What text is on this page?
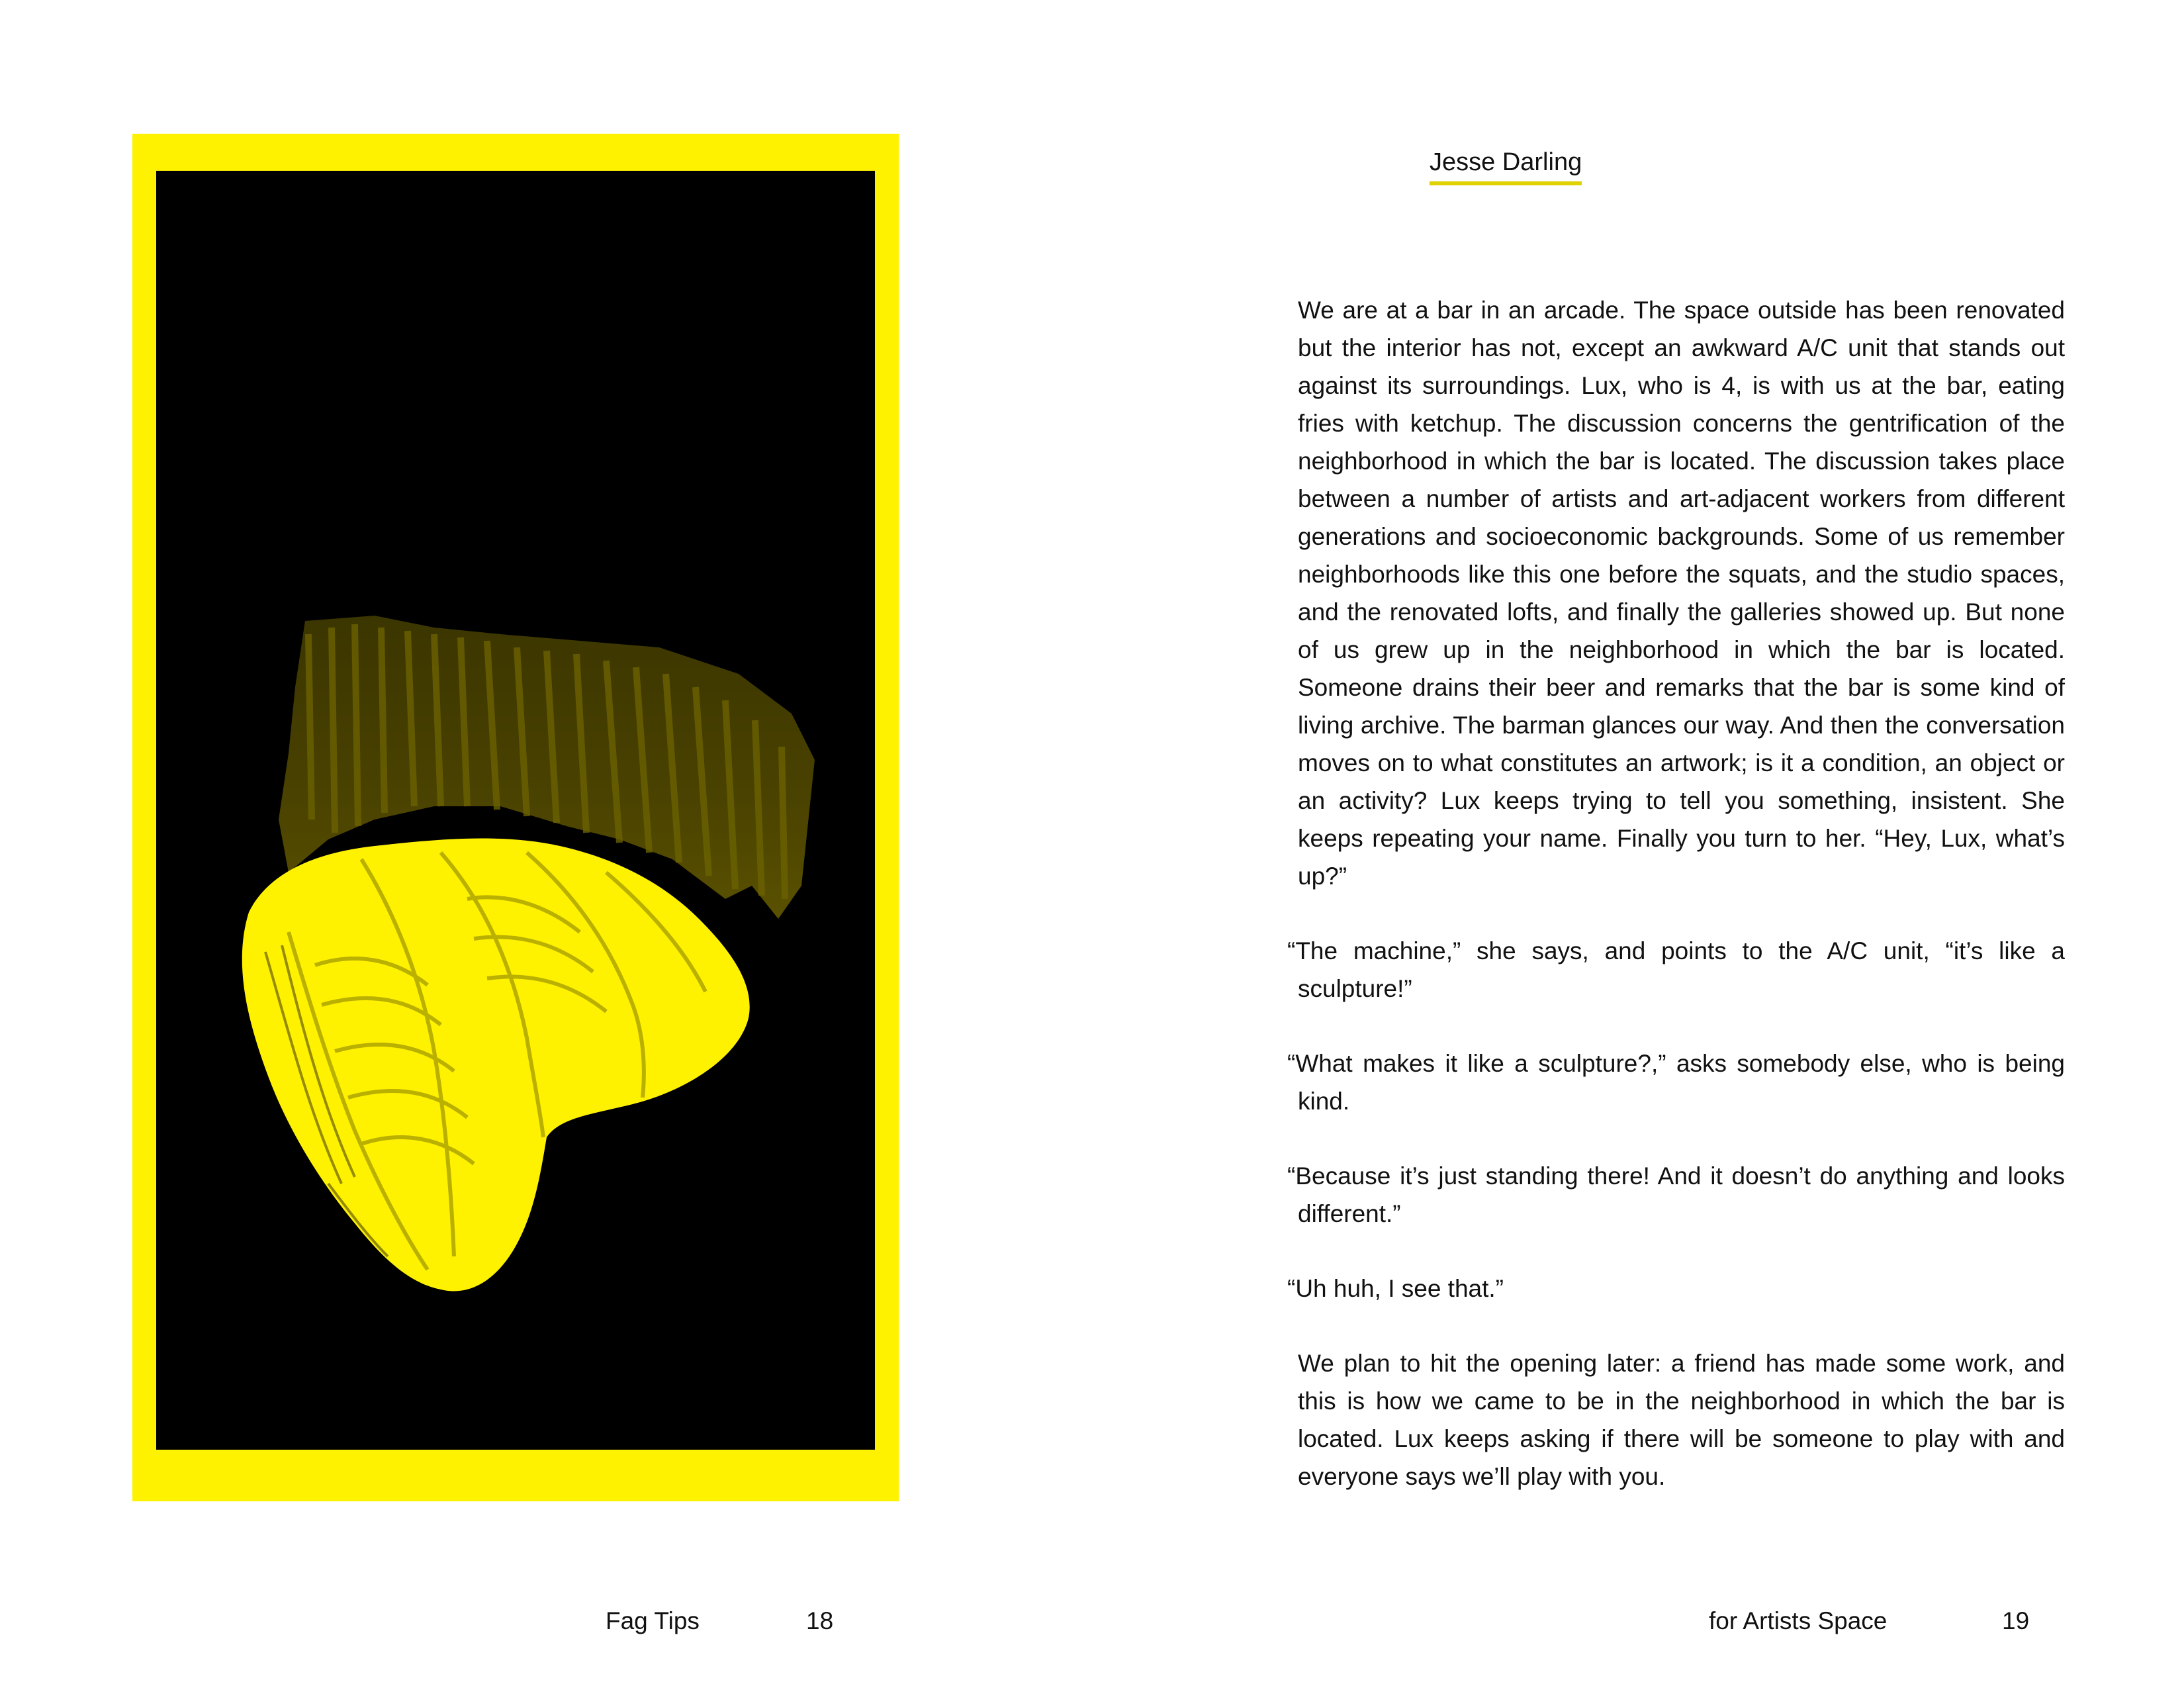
Fag Tips	18
Jesse Darling

We are at a bar in an arcade. The space outside has been renovated but the interior has not, except an awkward A/C unit that stands out against its surroundings. Lux, who is 4, is with us at the bar, eating fries with ketchup. The discussion concerns the gentrification of the neighborhood in which the bar is located. The discussion takes place between a number of artists and art-adjacent workers from different generations and socioeconomic backgrounds. Some of us remember neighborhoods like this one before the squats, and the studio spaces, and the renovated lofts, and finally the galleries showed up. But none of us grew up in the neighborhood in which the bar is located. Someone drains their beer and remarks that the bar is some kind of living archive. The barman glances our way. And then the conversation moves on to what constitutes an artwork; is it a condition, an object or an activity? Lux keeps trying to tell you something, insistent. She keeps repeating your name. Finally you turn to her. “Hey, Lux, what’s up?”

“The machine,” she says, and points to the A/C unit, “it’s like a sculpture!”

“What makes it like a sculpture?,” asks somebody else, who is being kind.

“Because it’s just standing there! And it doesn’t do anything and looks different.”

“Uh huh, I see that.”

We plan to hit the opening later: a friend has made some work, and this is how we came to be in the neighborhood in which the bar is located. Lux keeps asking if there will be someone to play with and everyone says we’ll play with you.

for Artists Space	19
